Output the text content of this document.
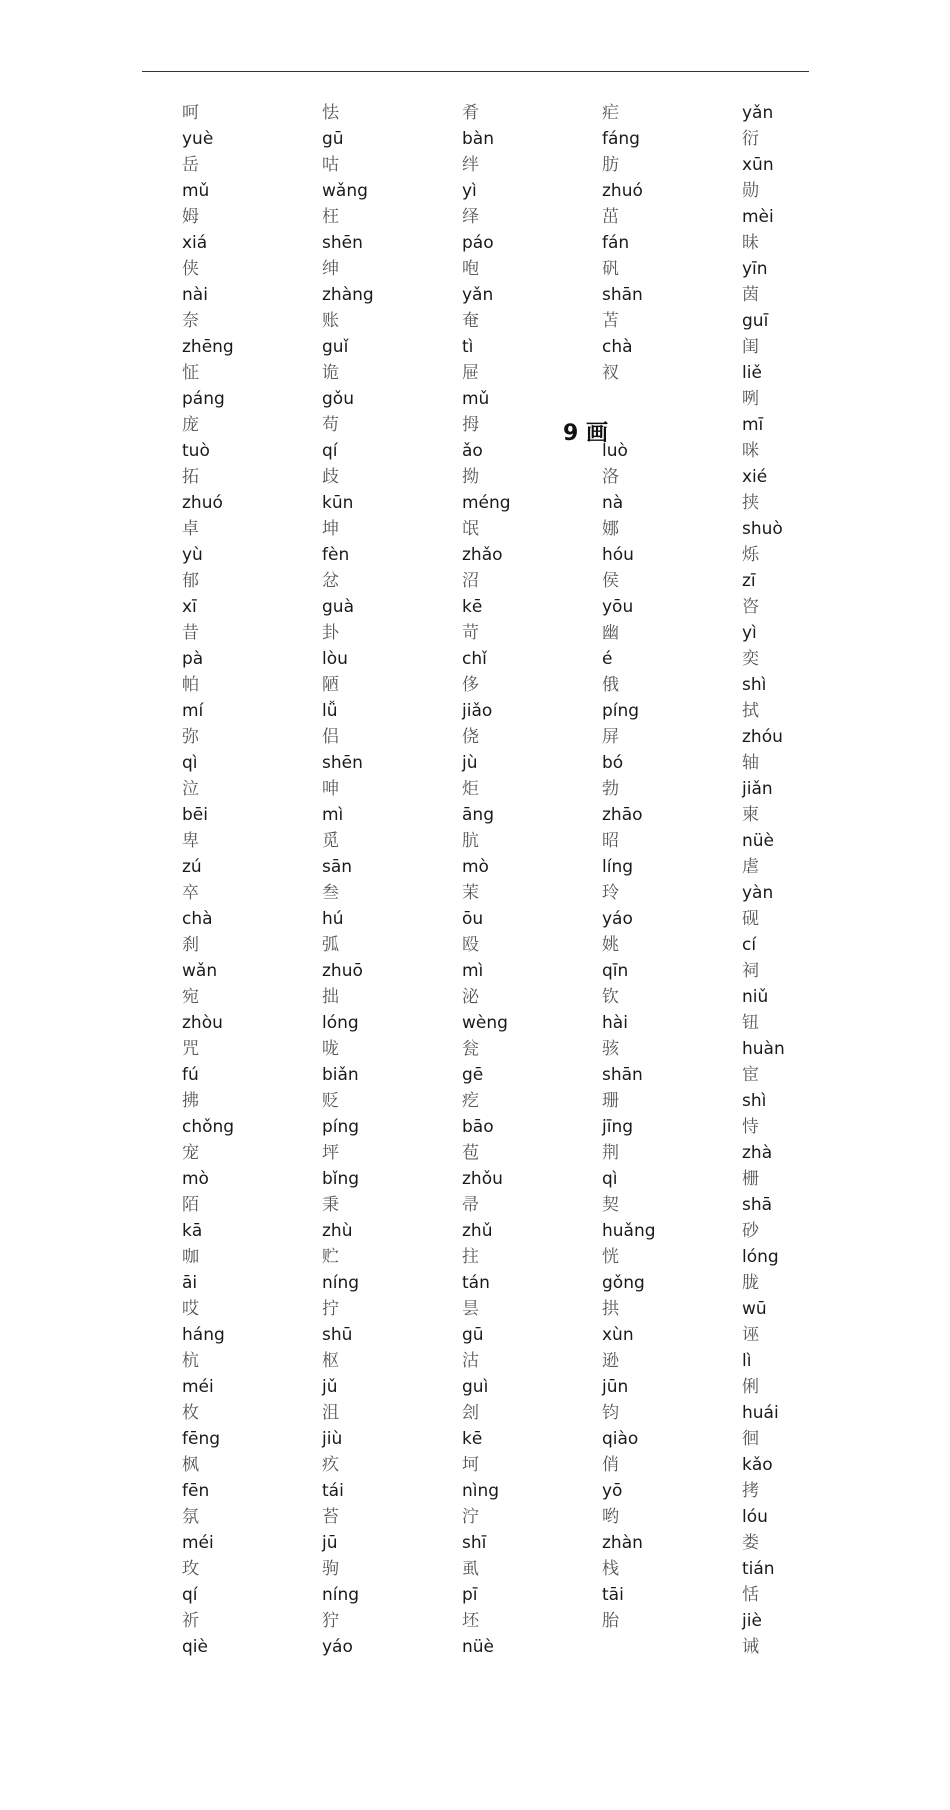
呵
yuè
岳
mǔ
姆
xiá
侠
nài
奈
zhēng
怔
páng
庞
tuò
拓
zhuó
卓
yù
郁
xī
昔
pà
帕
mí
弥
qì
泣
bēi
卑
zú
卒
chà
刹
wǎn
宛
zhòu
咒
fú
拂
chǒng
宠
mò
陌
kā
咖
āi
哎
háng
杭
méi
枚
fēng
枫
fēn
氛
méi
玫
qí
祈
qiè
怯
gū
咕
wǎng
枉
shēn
绅
zhàng
账
guǐ
诡
gǒu
苟
qí
歧
kūn
坤
fèn
忿
guà
卦
lòu
陋
lǚ
侣
shēn
呻
mì
觅
sān
叁
hú
弧
zhuō
拙
lóng
咙
biǎn
贬
píng
坪
bǐng
秉
zhù
贮
níng
拧
shū
枢
jǔ
沮
jiù
疚
tái
苔
jū
驹
níng
狞
yáo
肴
bàn
绊
yì
绎
páo
咆
yǎn
奄
tì
屉
mǔ
拇
ǎo
拗
méng
氓
zhǎo
沼
kē
苛
chǐ
侈
jiǎo
侥
jù
炬
āng
肮
mò
茉
ōu
殴
mì
泌
wèng
瓮
gē
疙
bāo
苞
zhǒu
帚
zhǔ
拄
tán
昙
gū
沽
guì
刽
kē
坷
nìng
泞
shī
虱
pī
坯
nüè
疟
fáng
肪
zhuó
茁
fán
矾
shān
苫
chà
衩
luò
洛
nà
娜
hóu
侯
yōu
幽
é
俄
píng
屏
bó
勃
zhāo
昭
líng
玲
yáo
姚
qīn
钦
hài
骇
shān
珊
jīng
荆
qì
契
huǎng
恍
gǒng
拱
xùn
逊
jūn
钧
qiào
俏
yō
哟
zhàn
栈
tāi
胎
yǎn
衍
xūn
勋
mèi
昧
yīn
茵
guī
闺
liě
咧
mī
咪
xié
挟
shuò
烁
zī
咨
yì
奕
shì
拭
zhóu
轴
jiǎn
柬
nüè
虐
yàn
砚
cí
祠
niǔ
钮
huàn
宦
shì
恃
zhà
栅
shā
砂
lóng
胧
wū
诬
lì
俐
huái
徊
kǎo
拷
lóu
娄
tián
恬
jiè
诫
9 画
